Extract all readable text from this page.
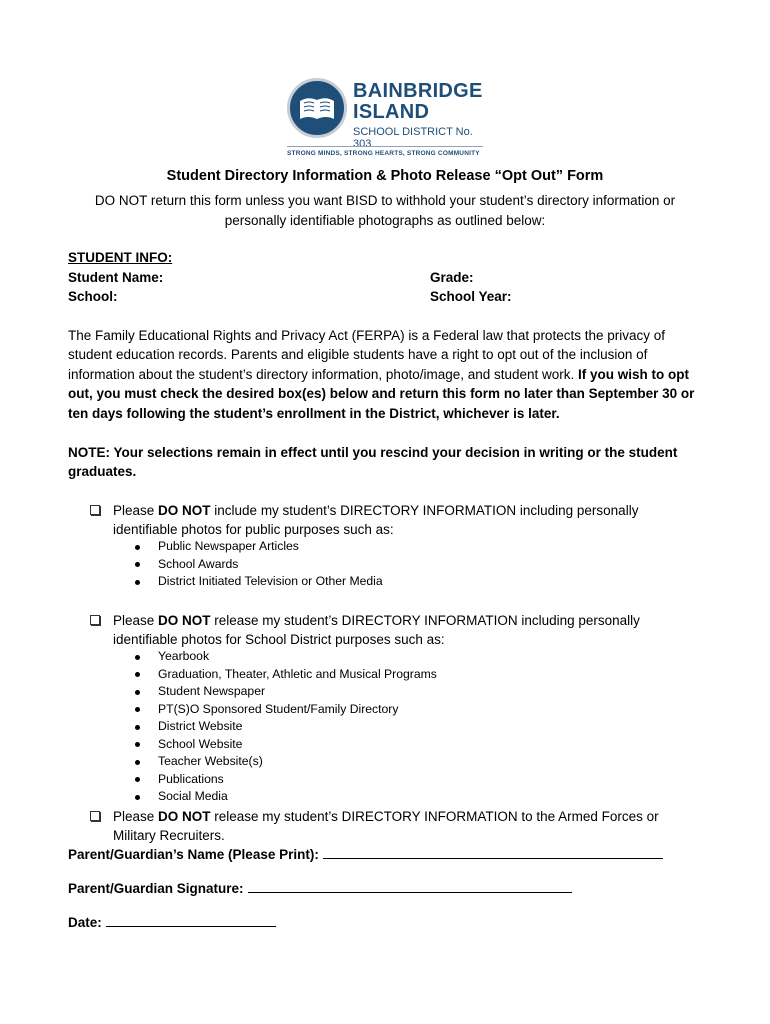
BAINBRIDGE
ISLAND
SCHOOL DISTRICT No. 303
STRONG MINDS, STRONG HEARTS, STRONG COMMUNITY
Student Directory Information & Photo Release “Opt Out” Form
DO NOT return this form unless you want BISD to withhold your student’s directory information or personally identifiable photographs as outlined below:
STUDENT INFO:
Student Name:	Grade:
School:	School Year:
The Family Educational Rights and Privacy Act (FERPA) is a Federal law that protects the privacy of student education records. Parents and eligible students have a right to opt out of the inclusion of information about the student’s directory information, photo/image, and student work. If you wish to opt out, you must check the desired box(es) below and return this form no later than September 30 or ten days following the student’s enrollment in the District, whichever is later.
NOTE: Your selections remain in effect until you rescind your decision in writing or the student graduates.
Please DO NOT include my student’s DIRECTORY INFORMATION including personally identifiable photos for public purposes such as:
Public Newspaper Articles
School Awards
District Initiated Television or Other Media
Please DO NOT release my student’s DIRECTORY INFORMATION including personally identifiable photos for School District purposes such as:
Yearbook
Graduation, Theater, Athletic and Musical Programs
Student Newspaper
PT(S)O Sponsored Student/Family Directory
District Website
School Website
Teacher Website(s)
Publications
Social Media
Please DO NOT release my student’s DIRECTORY INFORMATION to the Armed Forces or Military Recruiters.
Parent/Guardian’s Name (Please Print):
Parent/Guardian Signature:
Date:
